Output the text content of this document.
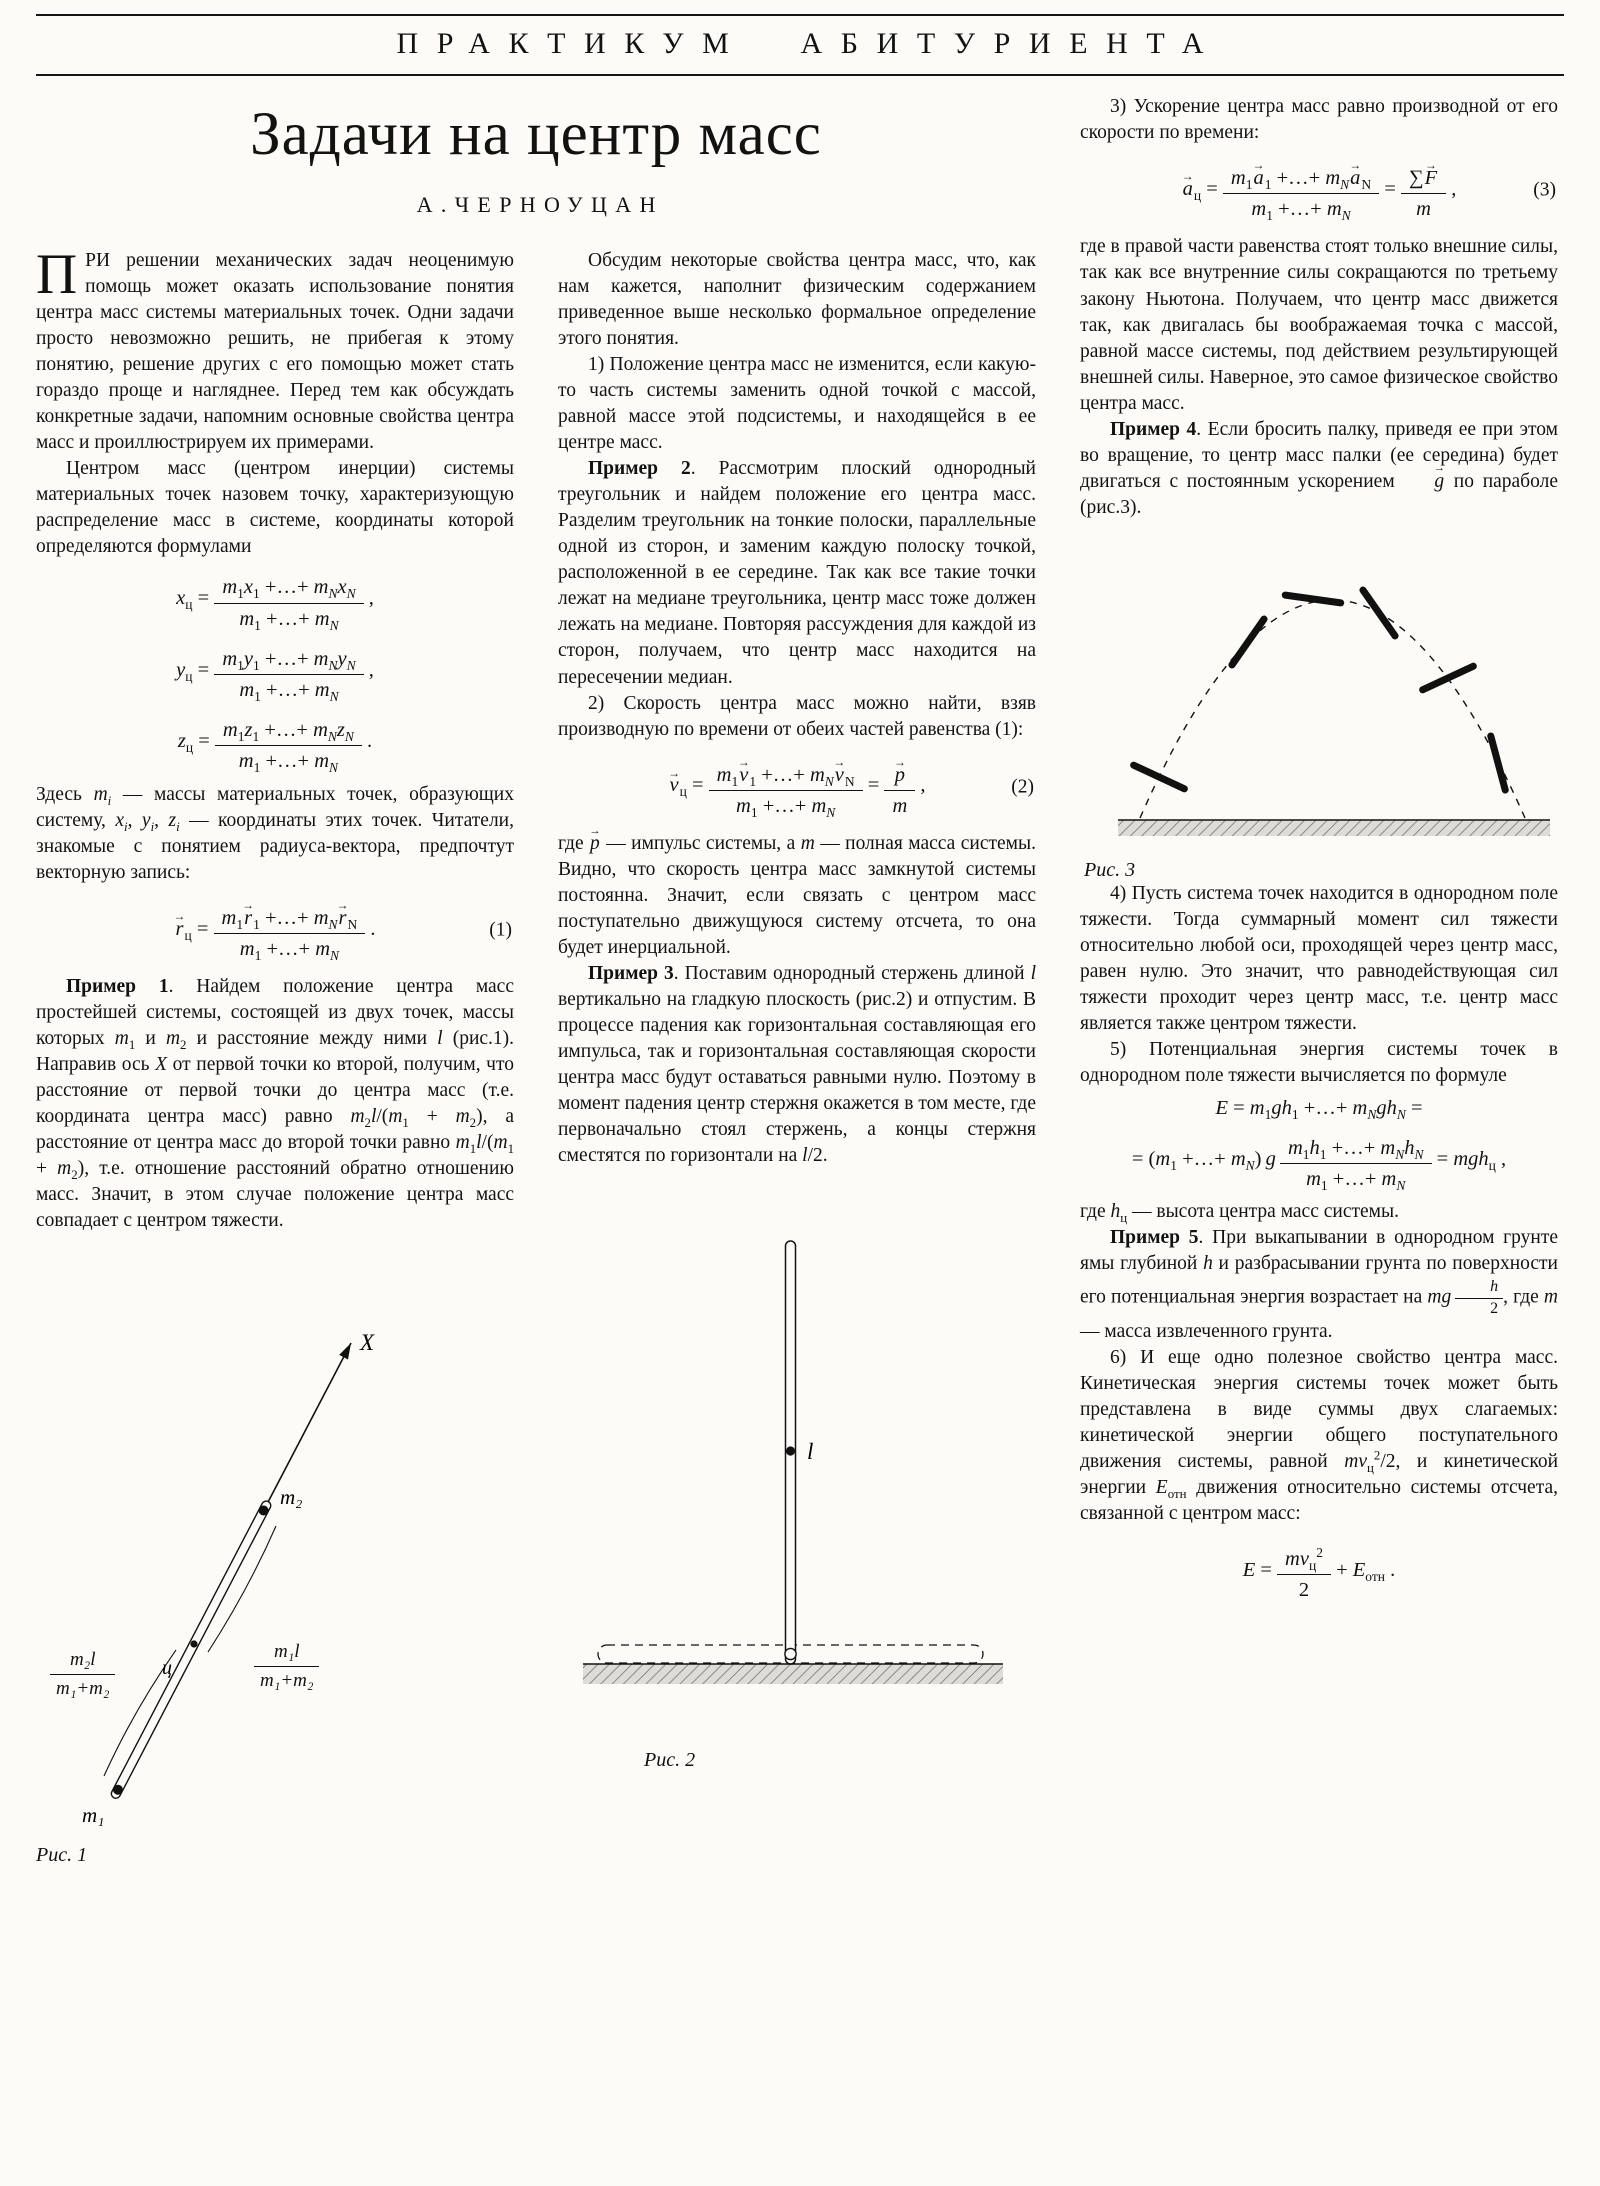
ПРАКТИКУМ АБИТУРИЕНТА
Задачи на центр масс
А.ЧЕРНОУЦАН

ПРИ решении механических задач неоценимую помощь может оказать использование понятия центра масс системы материальных точек. Одни задачи просто невозможно решить, не прибегая к этому понятию, решение других с его помощью может стать гораздо проще и нагляднее. Перед тем как обсуждать конкретные задачи, напомним основные свойства центра масс и проиллюстрируем их примерами.

Центром масс (центром инерции) системы материальных точек назовем точку, характеризующую распределение масс в системе, координаты которой определяются формулами

$x_ц = m_1x_1$ +…+ $m_Nx_N$
$m_1$ +…+ $m_N$
,
$y_ц = m_1y_1$ +…+ $m_Ny_N$
$m_1$ +…+ $m_N$
,
$z_ц = m_1z_1$ +…+ $m_Nz_N$
$m_1$ +…+ $m_N$
.

Здесь $m_i$ — массы материальных точек, образующих систему, $x_i$, $y_i$, $z_i$ — координаты этих точек. Читатели, знакомые с понятием радиуса-вектора, предпочтут векторную запись:

→ $r_ц = m_1\to r_1$ +…+ $m_N\to r_N$
$m_1$ +…+ $m_N$
.	(1)

Пример 1. Найдем положение центра масс простейшей системы, состоящей из двух точек, массы которых $m_1$ и $m_2$ и расстояние между ними l (рис.1). Направив ось X от первой точки ко второй, получим, что расстояние от первой точки до центра масс (т.е. координата центра масс) равно $m_2l/(m_1 + m_2)$, а расстояние от центра масс до второй точки равно $m_1l/(m_1 + m_2)$, т.е. отношение расстояний обратно отношению масс. Значит, в этом случае положение центра масс совпадает с центром тяжести.

X
m₁
m₂
ц
$\frac{\text{m₂l}}{\text{m₁+m₂}}$	$\frac{\text{m₁l}}{\text{m₁+m₂}}$
Рис. 1

Обсудим некоторые свойства центра масс, что, как нам кажется, наполнит физическим содержанием приведенное выше несколько формальное определение этого понятия.

1) Положение центра масс не изменится, если какую-то часть системы заменить одной точкой с массой, равной массе этой подсистемы, и находящейся в ее центре масс.

Пример 2. Рассмотрим плоский однородный треугольник и найдем положение его центра масс. Разделим треугольник на тонкие полоски, параллельные одной из сторон, и заменим каждую полоску точкой, расположенной в ее середине. Так как все такие точки лежат на медиане треугольника, центр масс тоже должен лежать на медиане. Повторяя рассуждения для каждой из сторон, получаем, что центр масс находится на пересечении медиан.

2) Скорость центра масс можно найти, взяв производную по времени от обеих частей равенства (1):

→ $v_ц = m_1\to v_1$ +…+ $m_N\to v_N$
$m_1$ +…+ $m_N$
= → $\frac{p}{m}$ ,	(2)

где → p — импульс системы, а m — полная масса системы. Видно, что скорость центра масс замкнутой системы постоянна. Значит, если связать с центром масс поступательно движущуюся систему отсчета, то она будет инерциальной.

Пример 3. Поставим однородный стержень длиной l вертикально на гладкую плоскость (рис.2) и отпустим. В процессе падения как горизонтальная составляющая его импульса, так и горизонтальная составляющая скорости центра масс будут оставаться равными нулю. Поэтому в момент падения центр стержня окажется в том месте, где первоначально стоял стержень, а концы стержня сместятся по горизонтали на l/2.

l
Рис. 2

3) Ускорение центра масс равно производной от его скорости по времени:

→ $a_ц = m_1\to a_1$ +…+ $m_N\to a_N$
$m_1$ +…+ $m_N$
= $\frac{\sum\to F}{m}$ ,	(3)

где в правой части равенства стоят только внешние силы, так как все внутренние силы сокращаются по третьему закону Ньютона. Получаем, что центр масс движется так, как двигалась бы воображаемая точка с массой, равной массе системы, под действием результирующей внешней силы. Наверное, это самое физическое свойство центра масс.

Пример 4. Если бросить палку, приведя ее при этом во вращение, то центр масс палки (ее середина) будет двигаться с постоянным ускорением → g по параболе (рис.3).

Рис. 3

4) Пусть система точек находится в однородном поле тяжести. Тогда суммарный момент сил тяжести относительно любой оси, проходящей через центр масс, равен нулю. Это значит, что равнодействующая сил тяжести проходит через центр масс, т.е. центр масс является также центром тяжести.

5) Потенциальная энергия системы точек в однородном поле тяжести вычисляется по формуле

$E = m_1gh_1$ +…+ $m_Ngh_N$ =
= ($m_1$ +…+ $m_N$) g  $m_1h_1$ +…+ $m_Nh_N$
$m_1$ +…+ $m_N$
= mgh$_ц$ ,

где $h_ц$ — высота центра масс системы.

Пример 5. При выкапывании в однородном грунте ямы глубиной h и разбрасывании грунта по поверхности его потенциальная энергия возрастает на mg  $\frac{h}{2}$ , где m — масса извлеченного грунта.

6) И еще одно полезное свойство центра масс. Кинетическая энергия системы точек может быть представлена в виде суммы двух слагаемых: кинетической энергии общего поступательного движения системы, равной $mv_ц^2/2$, и кинетической энергии $E_{отн}$ движения относительно системы отсчета, связанной с центром масс:

$E = mv_ц^2$
2
+ $E_{отн}$ .
